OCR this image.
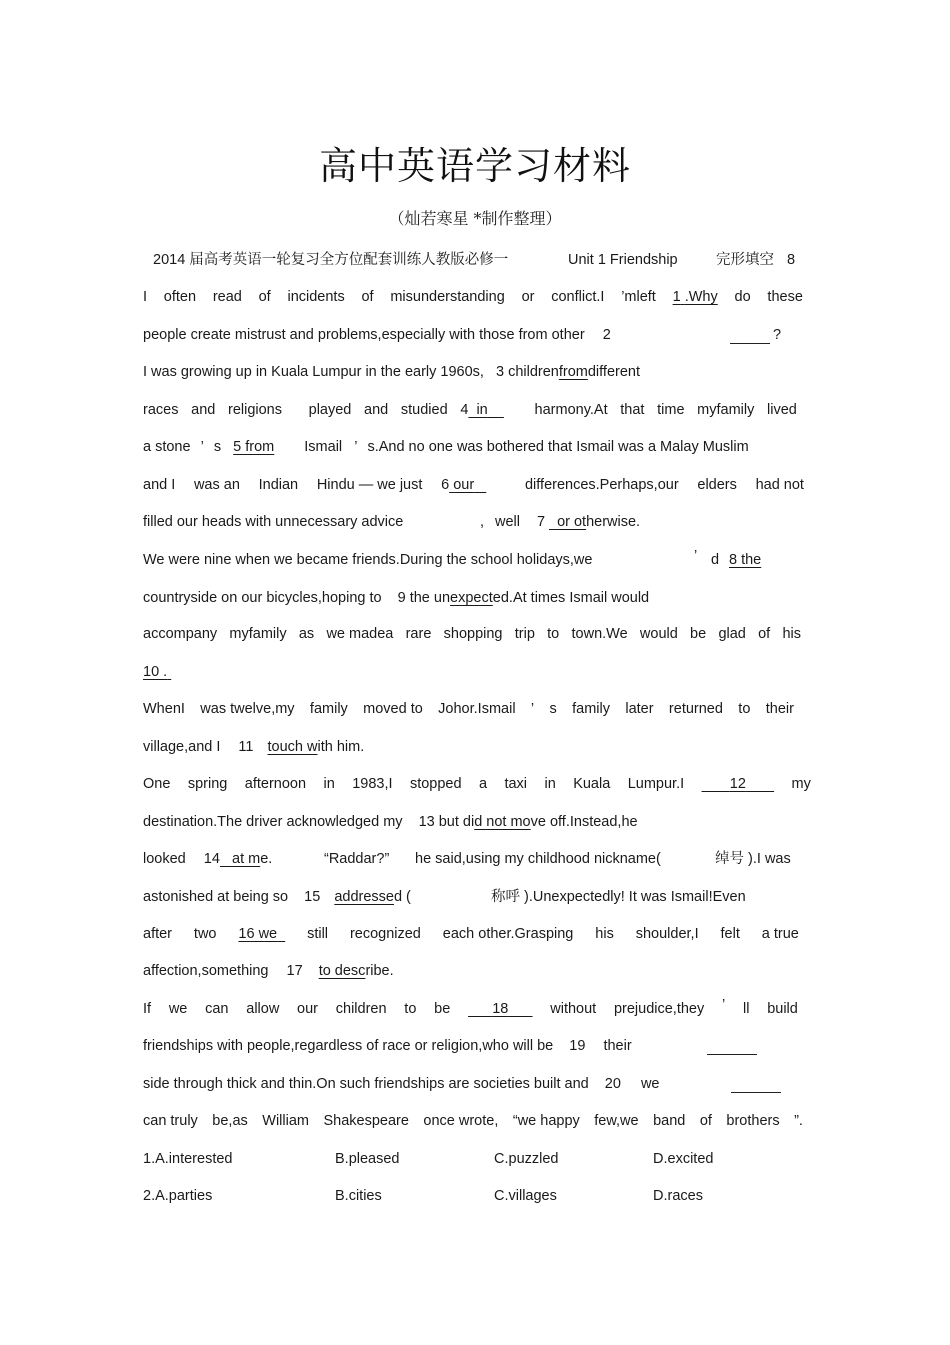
高中英语学习材料
（灿若寒星 *制作整理）
2014 届高考英语一轮复习全方位配套训练人教版必修一	Unit 1 Friendship	完形填空 8
I often read of incidents of misunderstanding or conflict.I ’mleft 1 .Why do these
people create mistrust and problems,especially with those from other 2	?
I was growing up in Kuala Lumpur in the early 1960s, 3 childrenfromdifferent
races and religions played and studied 4 in	harmony.At that time myfamily lived
a stone ’ s 5 from Ismail ’ s.And no one was bothered that Ismail was a Malay Muslim
and I was an Indian Hindu — we just 6 our	differences.Perhaps,our elders had not
filled our heads with unnecessary advice	, well 7 or otherwise.
We were nine when we became friends.During the school holidays,we	’ d 8 the
countryside on our bicycles,hoping to 9 the unexpected.At times Ismail would
accompany myfamily as we madea rare shopping trip to town.We would be glad of his
10 .
WhenI was twelve,my family moved to Johor.Ismail ’ s family later returned to their
village,and I 11 touch with him.
One spring afternoon in 1983,I stopped a taxi in Kuala Lumpur.I	12	my
destination.The driver acknowledged my 13 but did not move off.Instead,he
looked 14 at me.	“Raddar?” he said,using my childhood nickname(	绰号 ).I was
astonished at being so 15 addressed (	称呼 ).Unexpectedly! It was Ismail!Even
after two 16 we	still recognized each other.Grasping his shoulder,I felt a true
affection,something 17 to describe.
If we can allow our children to be	18	without prejudice,they ’ ll build
friendships with people,regardless of race or religion,who will be 19 their
side through thick and thin.On such friendships are societies built and 20 we
can truly be,as William Shakespeare once wrote, “we happy few,we band of brothers ”.
1.A.interested	B.pleased	C.puzzled	D.excited
2.A.parties	B.cities	C.villages	D.races
